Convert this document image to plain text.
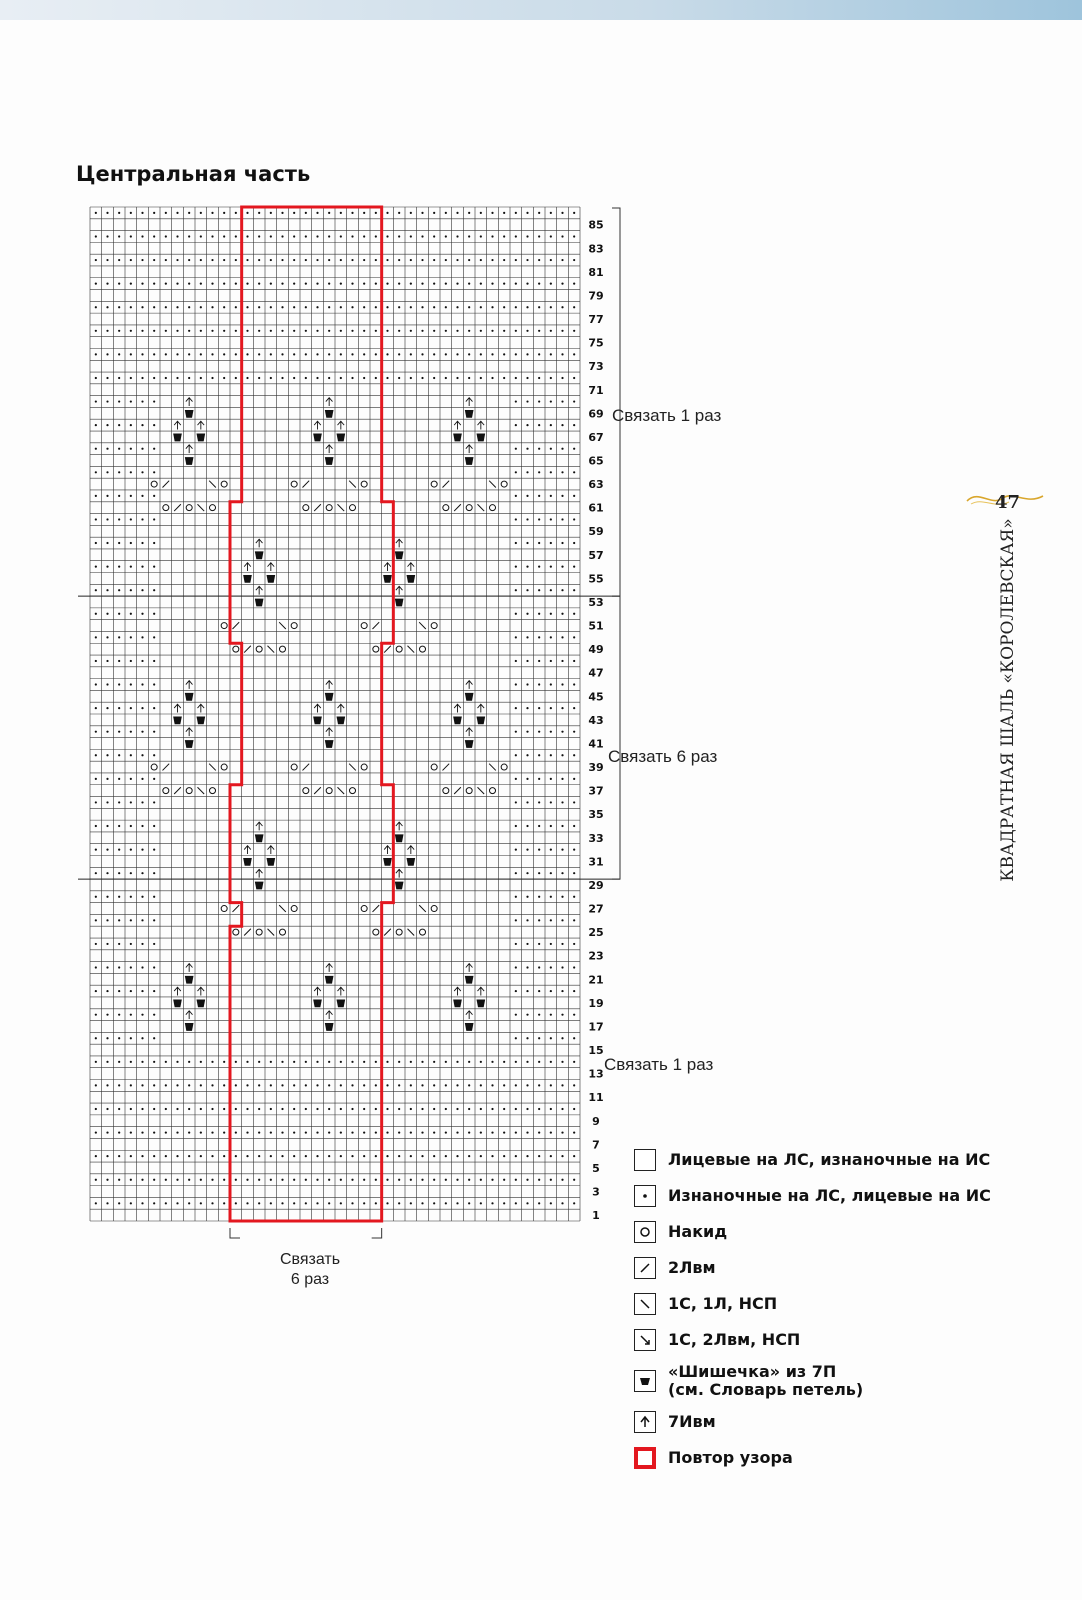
Центральная часть
85
83
81
79
77
75
73
71
69
67
65
63
61
59
57
55
53
51
49
47
45
43
41
39
37
35
33
31
29
27
25
23
21
19
17
15
13
11
9
7
5
3
1
Связать 1 раз
Связать 6 раз
Связать 1 раз
Связать
6 раз
47
КВАДРАТНАЯ ШАЛЬ «КОРОЛЕВСКАЯ»
Лицевые на ЛС, изнаночные на ИС
Изнаночные на ЛС, лицевые на ИС
Накид
2Лвм
1С, 1Л, НСП
1С, 2Лвм, НСП
«Шишечка» из 7П
(см. Словарь петель)
7Ивм
Повтор узора
